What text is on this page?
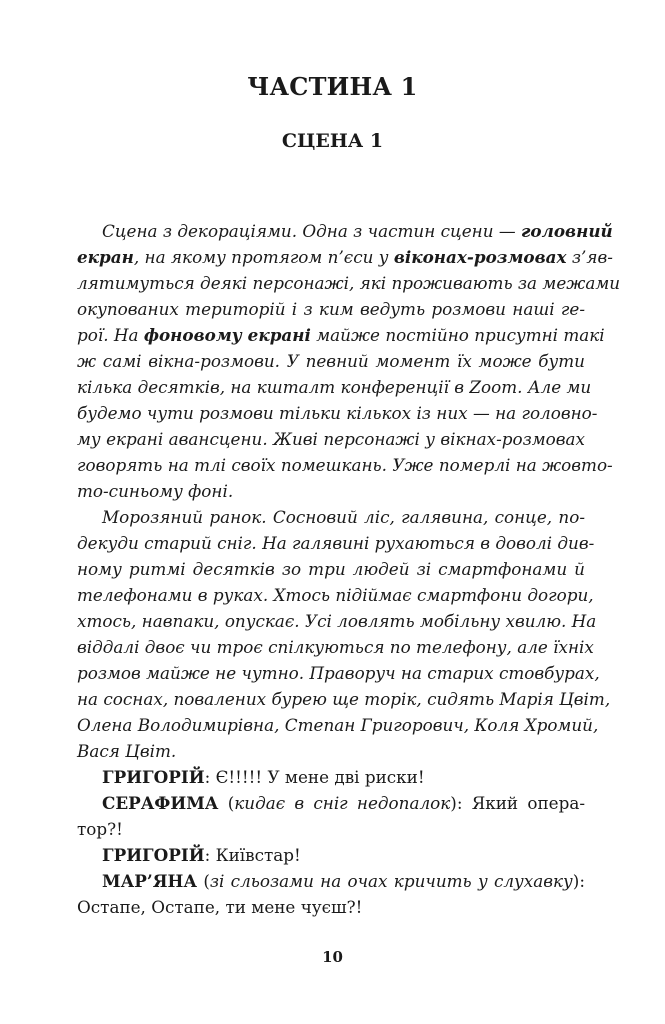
ЧАСТИНА 1
СЦЕНА 1
Сцена з декораціями. Одна з частин сцени — головний
екран, на якому протягом п’єси у віконах-розмовах з’яв-
лятимуться деякі персонажі, які проживають за межами
окупованих територій і з ким ведуть розмови наші ге-
рої. На фоновому екрані майже постійно присутні такі
ж самі вікна-розмови. У певний момент їх може бути
кілька десятків, на кшталт конференції в Zoom. Але ми
будемо чути розмови тільки кількох із них — на головно-
му екрані авансцени. Живі персонажі у вікнах-розмовах
говорять на тлі своїх помешкань. Уже померлі на жовто-
то-синьому фоні.
Морозяний ранок. Сосновий ліс, галявина, сонце, по-
декуди старий сніг. На галявині рухаються в доволі див-
ному ритмі десятків зо три людей зі смартфонами й
телефонами в руках. Хтось підіймає смартфони догори,
хтось, навпаки, опускає. Усі ловлять мобільну хвилю. На
віддалі двоє чи троє спілкуються по телефону, але їхніх
розмов майже не чутно. Праворуч на старих стовбурах,
на соснах, повалених бурею ще торік, сидять Марія Цвіт,
Олена Володимирівна, Степан Григорович, Коля Хромий,
Вася Цвіт.
ГРИГОРІЙ: Є!!!!! У мене дві риски!
СЕРАФИМА (кидає в сніг недопалок): Який опера-
тор?!
ГРИГОРІЙ: Київстар!
МАР’ЯНА (зі сльозами на очах кричить у слухавку):
Остапе, Остапе, ти мене чуєш?!
10
